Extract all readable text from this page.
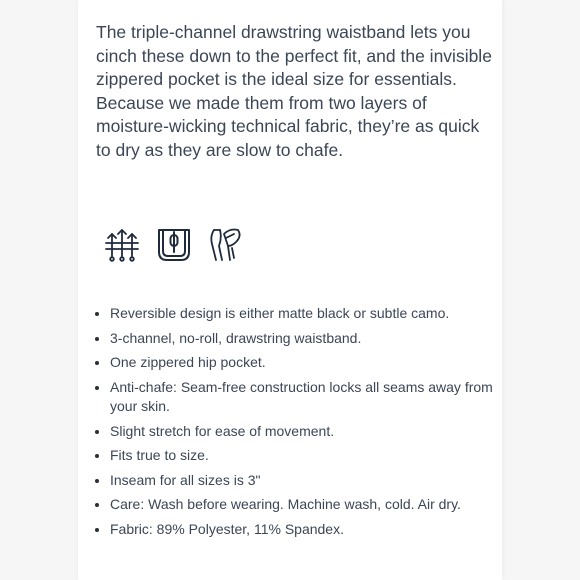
The triple-channel drawstring waistband lets you cinch these down to the perfect fit, and the invisible zippered pocket is the ideal size for essentials. Because we made them from two layers of moisture-wicking technical fabric, they’re as quick to dry as they are slow to chafe.

• Reversible design is either matte black or subtle camo.
• 3-channel, no-roll, drawstring waistband.
• One zippered hip pocket.
• Anti-chafe: Seam-free construction locks all seams away from your skin.
• Slight stretch for ease of movement.
• Fits true to size.
• Inseam for all sizes is 3"
• Care: Wash before wearing. Machine wash, cold. Air dry.
• Fabric: 89% Polyester, 11% Spandex.
